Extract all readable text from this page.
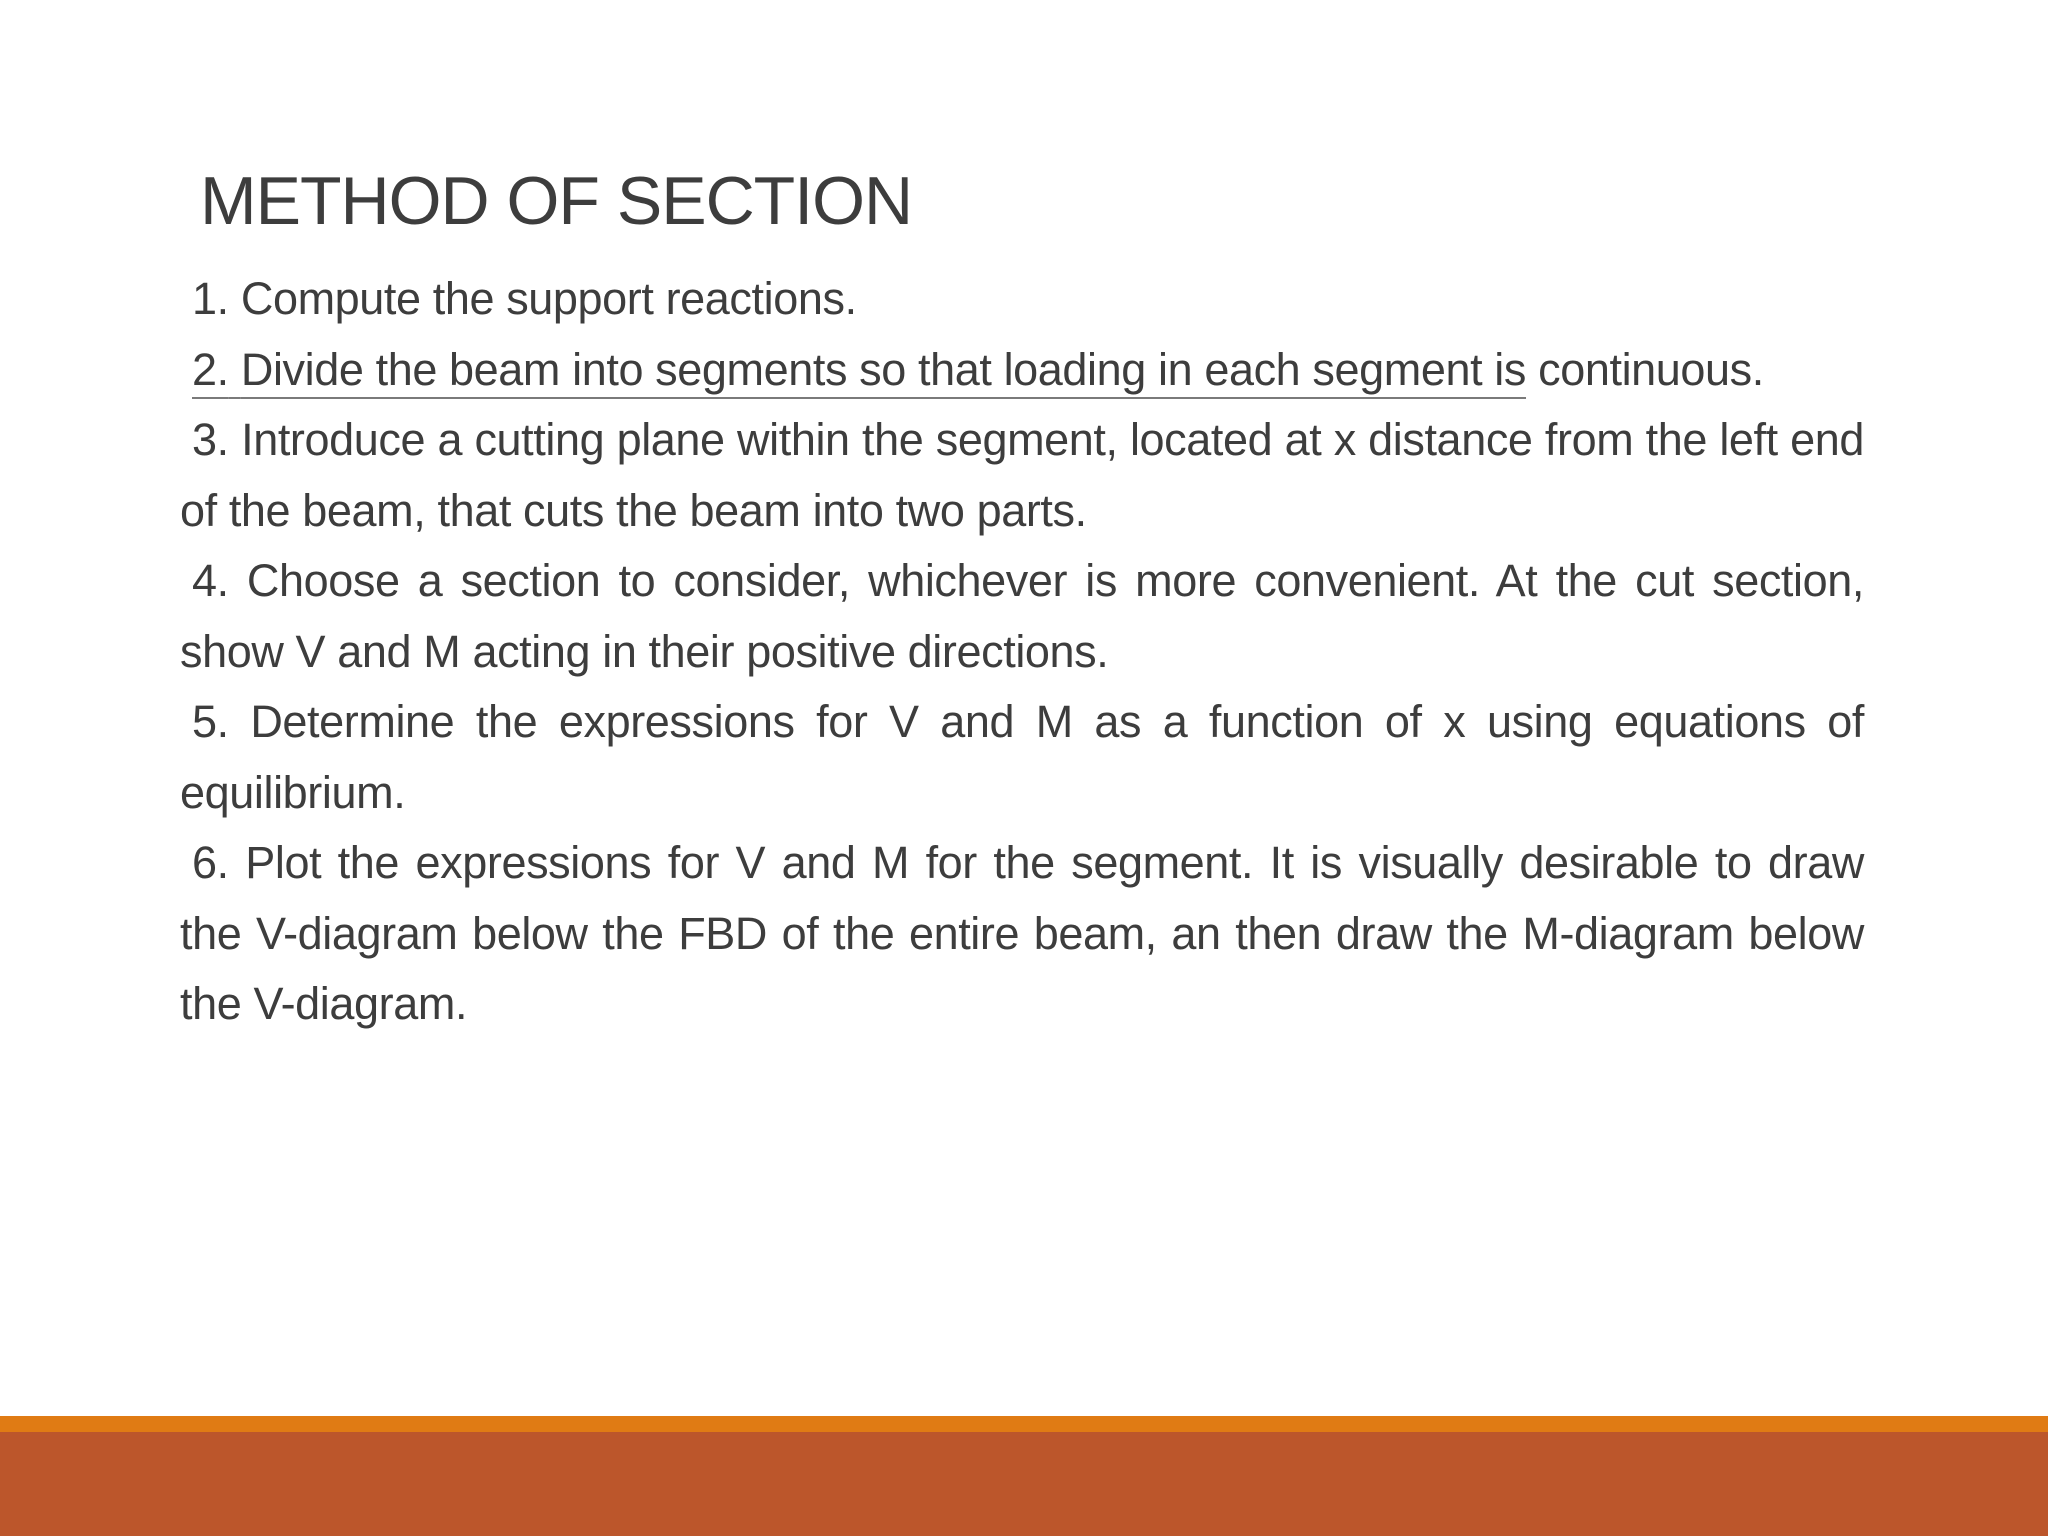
METHOD OF SECTION

1. Compute the support reactions.

2. Divide the beam into segments so that loading in each segment is continuous.

3. Introduce a cutting plane within the segment, located at x distance from the left end of the beam, that cuts the beam into two parts.

4. Choose a section to consider, whichever is more convenient. At the cut section, show V and M acting in their positive directions.

5. Determine the expressions for V and M as a function of x using equations of equilibrium.

6. Plot the expressions for V and M for the segment. It is visually desirable to draw the V-diagram below the FBD of the entire beam, an then draw the M-diagram below the V-diagram.
